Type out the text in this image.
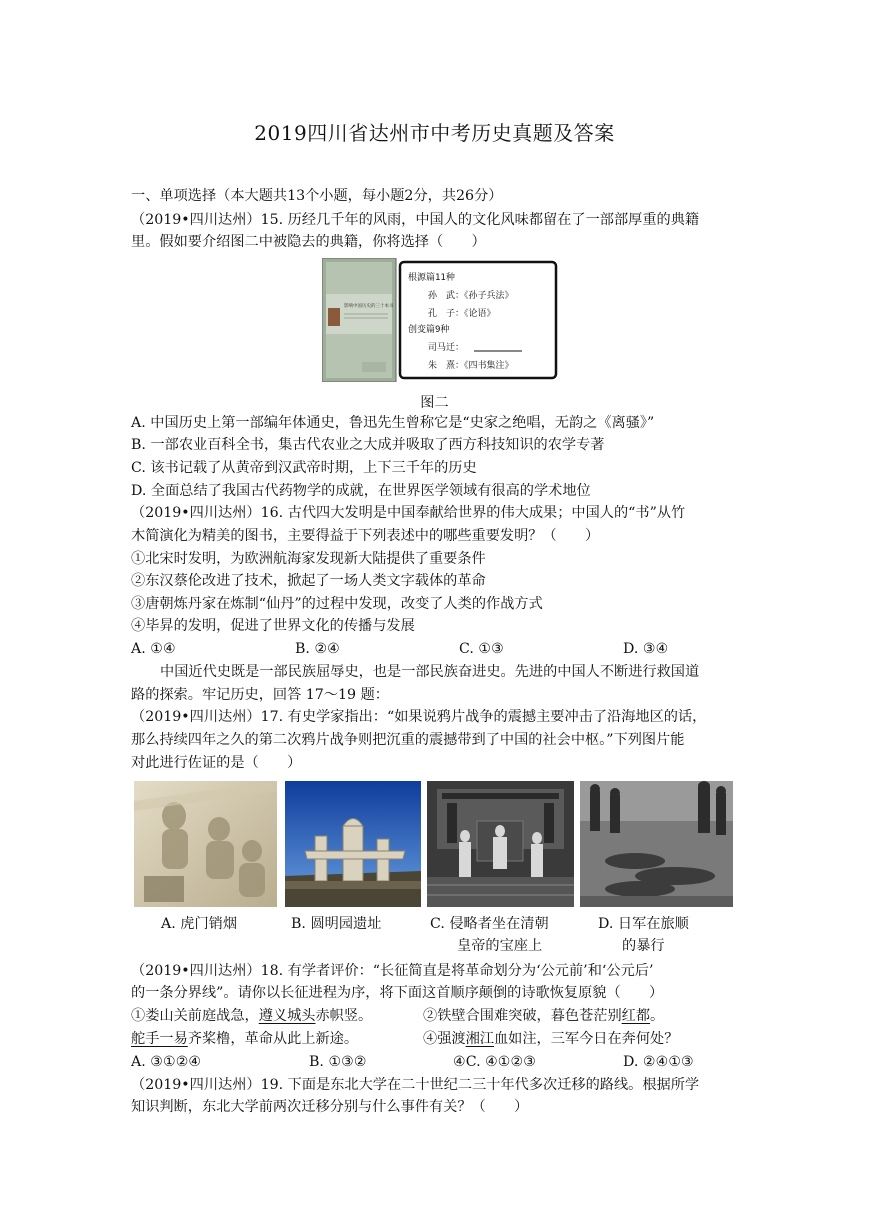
2019四川省达州市中考历史真题及答案
一、单项选择（本大题共13个小题，每小题2分，共26分）
（2019•四川达州）15. 历经几千年的风雨，中国人的文化风味都留在了一部部厚重的典籍
里。假如要介绍图二中被隐去的典籍，你将选择（　　）
影响中国历史的三十本书
根源篇11种
孙　武：《孙子兵法》
孔　子：《论语》
创变篇9种
司马迁：
朱　熹：《四书集注》
图二
A. 中国历史上第一部编年体通史，鲁迅先生曾称它是“史家之绝唱，无韵之《离骚》”
B. 一部农业百科全书，集古代农业之大成并吸取了西方科技知识的农学专著
C. 该书记载了从黄帝到汉武帝时期，上下三千年的历史
D. 全面总结了我国古代药物学的成就，在世界医学领域有很高的学术地位
（2019•四川达州）16. 古代四大发明是中国奉献给世界的伟大成果；中国人的“书”从竹
木简演化为精美的图书，主要得益于下列表述中的哪些重要发明？（　　）
①北宋时发明，为欧洲航海家发现新大陆提供了重要条件
②东汉蔡伦改进了技术，掀起了一场人类文字载体的革命
③唐朝炼丹家在炼制“仙丹”的过程中发现，改变了人类的作战方式
④毕昇的发明，促进了世界文化的传播与发展
A. ①④	B. ②④	C. ①③	D. ③④
中国近代史既是一部民族屈辱史，也是一部民族奋进史。先进的中国人不断进行救国道
路的探索。牢记历史，回答 17～19 题：
（2019•四川达州）17. 有史学家指出：“如果说鸦片战争的震撼主要冲击了沿海地区的话，
那么持续四年之久的第二次鸦片战争则把沉重的震撼带到了中国的社会中枢。”下列图片能
对此进行佐证的是（　　）
A. 虎门销烟	B. 圆明园遗址	C. 侵略者坐在清朝
皇帝的宝座上
D. 日军在旅顺
的暴行
（2019•四川达州）18. 有学者评价：“长征简直是将革命划分为‘公元前’和‘公元后’
的一条分界线”。请你以长征进程为序，将下面这首顺序颠倒的诗歌恢复原貌（　　）
①娄山关前庭战急，遵义城头赤帜竖。	②铁壁合围难突破，暮色苍茫别红都。
舵手一易齐桨橹，革命从此上新途。	④强渡湘江血如注，三军今日在奔何处？
A. ③①②④	B. ①③②	④C. ④①②③	D. ②④①③
（2019•四川达州）19. 下面是东北大学在二十世纪二三十年代多次迁移的路线。根据所学
知识判断，东北大学前两次迁移分别与什么事件有关？（　　）
